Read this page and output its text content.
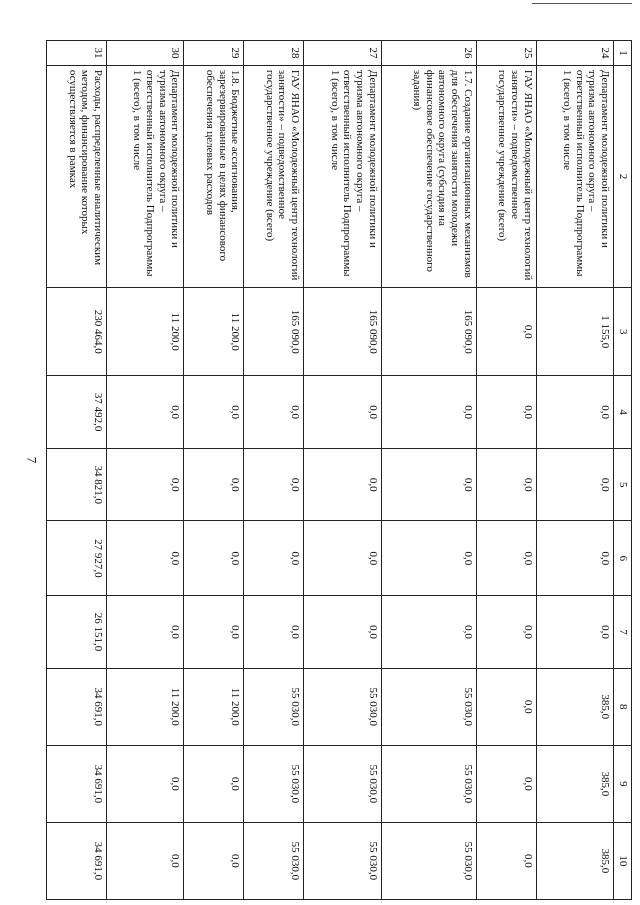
7
1	2	3	4	5	6	7	8	9	10
24	Департамент молодежной политики и туризма автономного округа – ответственный исполнитель Подпрограммы 1 (всего), в том числе	1 155,0	0,0	0,0	0,0	0,0	385,0	385,0	385,0
25	ГАУ ЯНАО «Молодежный центр технологий занятости» – подведомственное государственное учреждение (всего)	0,0	0,0	0,0	0,0	0,0	0,0	0,0	0,0
26	1.7. Создание организационных механизмов для обеспечения занятости молодежи автономного округа (субсидия на финансовое обеспечение государственного задания)	165 090,0	0,0	0,0	0,0	0,0	55 030,0	55 030,0	55 030,0
27	Департамент молодежной политики и туризма автономного округа – ответственный исполнитель Подпрограммы 1 (всего), в том числе	165 090,0	0,0	0,0	0,0	0,0	55 030,0	55 030,0	55 030,0
28	ГАУ ЯНАО «Молодежный центр технологий занятости» – подведомственное государственное учреждение (всего)	165 090,0	0,0	0,0	0,0	0,0	55 030,0	55 030,0	55 030,0
29	1.8. Бюджетные ассигнования, зарезервированные в целях финансового обеспечения целевых расходов	11 200,0	0,0	0,0	0,0	0,0	11 200,0	0,0	0,0
30	Департамент молодежной политики и туризма автономного округа – ответственный исполнитель Подпрограммы 1 (всего), в том числе	11 200,0	0,0	0,0	0,0	0,0	11 200,0	0,0	0,0
31	Расходы, распределенные аналитическим методом, финансирование которых осуществляется в рамках	230 464,0	37 492,0	34 821,0	27 927,0	26 151,0	34 691,0	34 691,0	34 691,0
